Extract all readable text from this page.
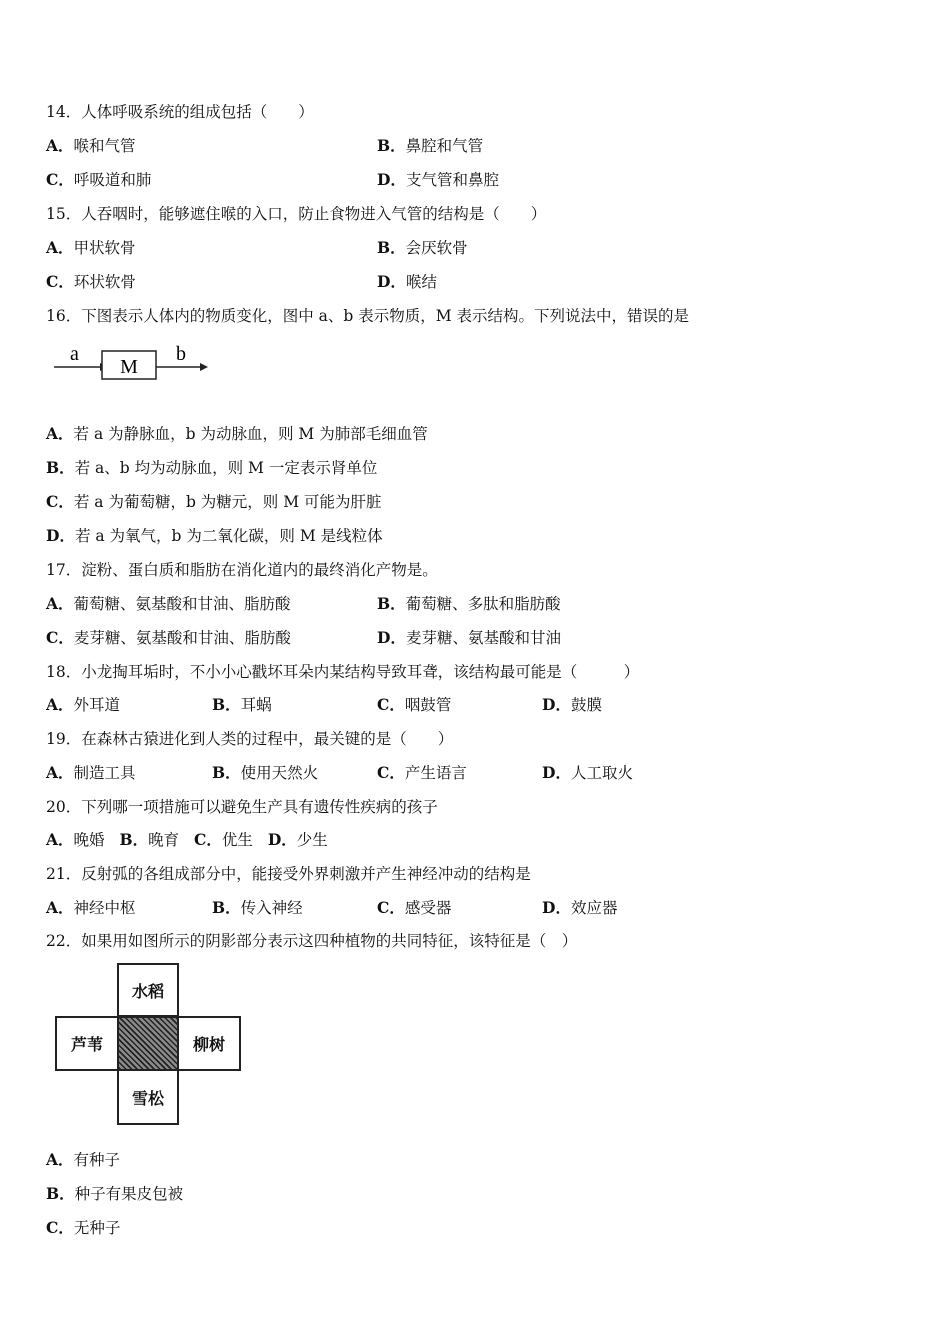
14．人体呼吸系统的组成包括（　　）
A．喉和气管	B．鼻腔和气管
C．呼吸道和肺	D．支气管和鼻腔
15．人吞咽时，能够遮住喉的入口，防止食物进入气管的结构是（　　）
A．甲状软骨	B．会厌软骨
C．环状软骨	D．喉结
16．下图表示人体内的物质变化，图中 a、b 表示物质，M 表示结构。下列说法中，错误的是
a
M
b
A．若 a 为静脉血，b 为动脉血，则 M 为肺部毛细血管
B．若 a、b 均为动脉血，则 M 一定表示肾单位
C．若 a 为葡萄糖，b 为糖元，则 M 可能为肝脏
D．若 a 为氧气，b 为二氧化碳，则 M 是线粒体
17．淀粉、蛋白质和脂肪在消化道内的最终消化产物是。
A．葡萄糖、氨基酸和甘油、脂肪酸	B．葡萄糖、多肽和脂肪酸
C．麦芽糖、氨基酸和甘油、脂肪酸	D．麦芽糖、氨基酸和甘油
18．小龙掏耳垢时，不小小心戳坏耳朵内某结构导致耳聋，该结构最可能是（　　　）
A．外耳道	B．耳蜗	C．咽鼓管	D．鼓膜
19．在森林古猿进化到人类的过程中，最关键的是（　　）
A．制造工具	B．使用天然火	C．产生语言	D．人工取火
20．下列哪一项措施可以避免生产具有遗传性疾病的孩子
A．晚婚 B．晚育 C．优生 D．少生
21．反射弧的各组成部分中，能接受外界刺激并产生神经冲动的结构是
A．神经中枢	B．传入神经	C．感受器	D．效应器
22．如果用如图所示的阴影部分表示这四种植物的共同特征，该特征是（　）
水稻
芦苇	柳树
雪松
A．有种子
B．种子有果皮包被
C．无种子
